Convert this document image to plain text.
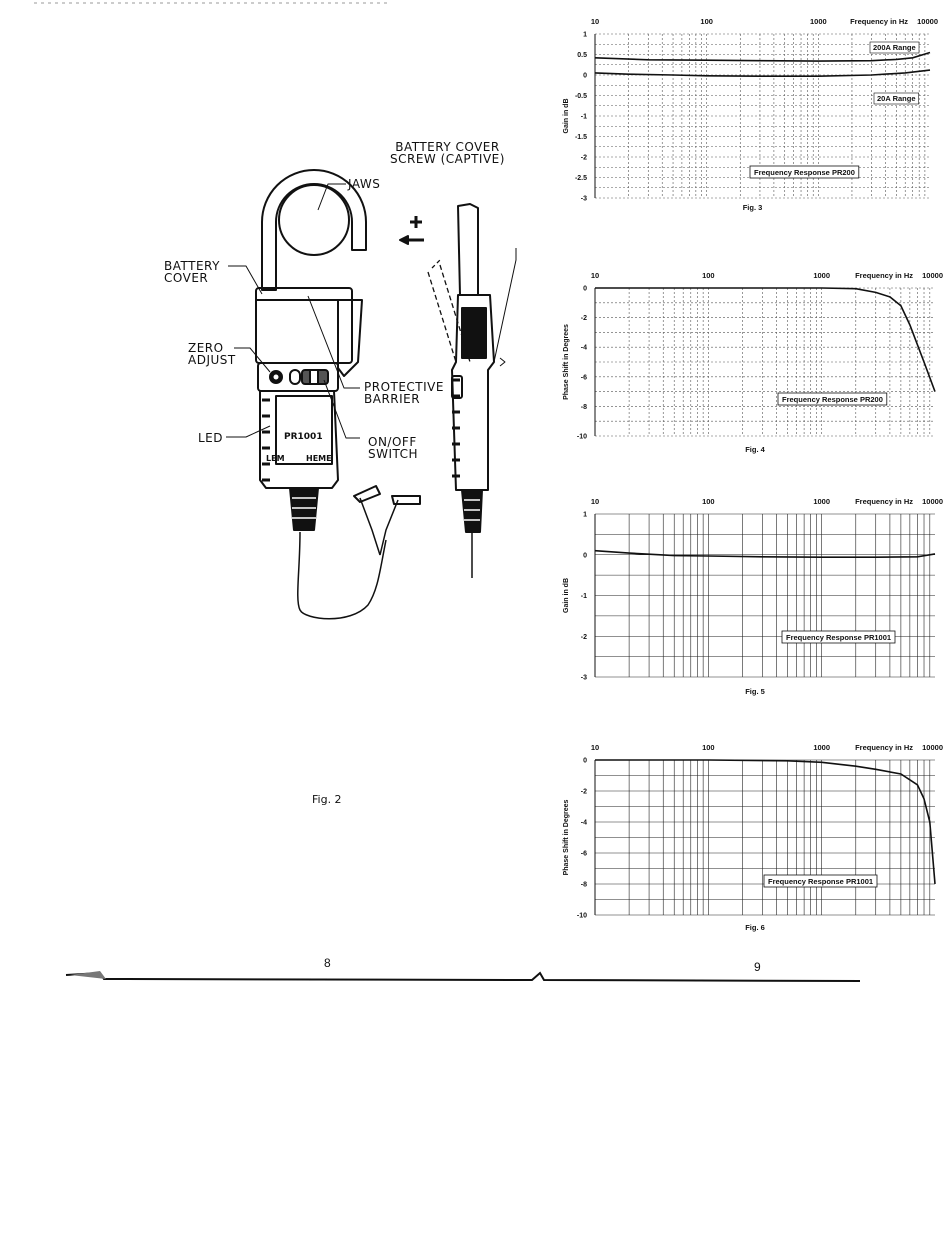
BATTERY COVER
SCREW (CAPTIVE)
JAWS
BATTERY
COVER
ZERO
ADJUST
PROTECTIVE
BARRIER
LED	ON/OFF
SWITCH
PR1001
LEM	HEME
Fig. 2
8	9
1
0.5
0
-0.5
-1
-1.5
-2
-2.5
-3
10	100	1000	10000
Frequency in Hz
Gain in dB
Frequency Response PR200
200A Range
20A Range
Fig. 3
0
-2
-4
-6
-8
-10
10	100	1000	10000
Frequency in Hz
Phase Shift in Degrees	Frequency Response PR200
Fig. 4
1
0
-1
-2
-3
10	100	1000	10000
Frequency in Hz
Gain in dB
Frequency Response PR1001
Fig. 5
0
-2
-4
-6
-8
-10
10	100	1000	10000
Frequency in Hz
Phase Shift in Degrees
Frequency Response PR1001
Fig. 6
